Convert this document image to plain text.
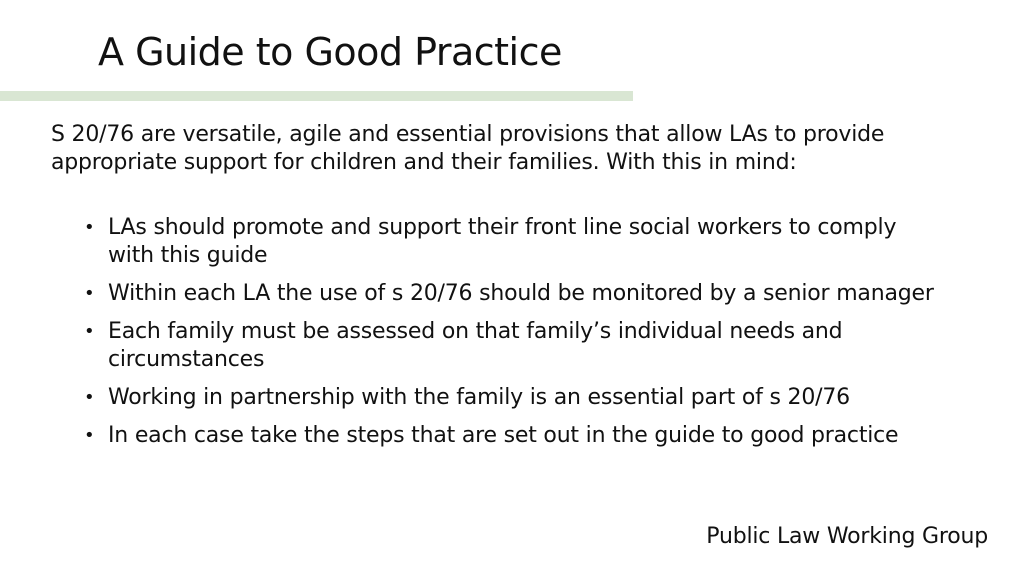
A Guide to Good Practice

S 20/76 are versatile, agile and essential provisions that allow LAs to provide appropriate support for children and their families. With this in mind:

• LAs should promote and support their front line social workers to comply with this guide
• Within each LA the use of s 20/76 should be monitored by a senior manager
• Each family must be assessed on that family’s individual needs and circumstances
• Working in partnership with the family is an essential part of s 20/76
• In each case take the steps that are set out in the guide to good practice
Public Law Working Group
